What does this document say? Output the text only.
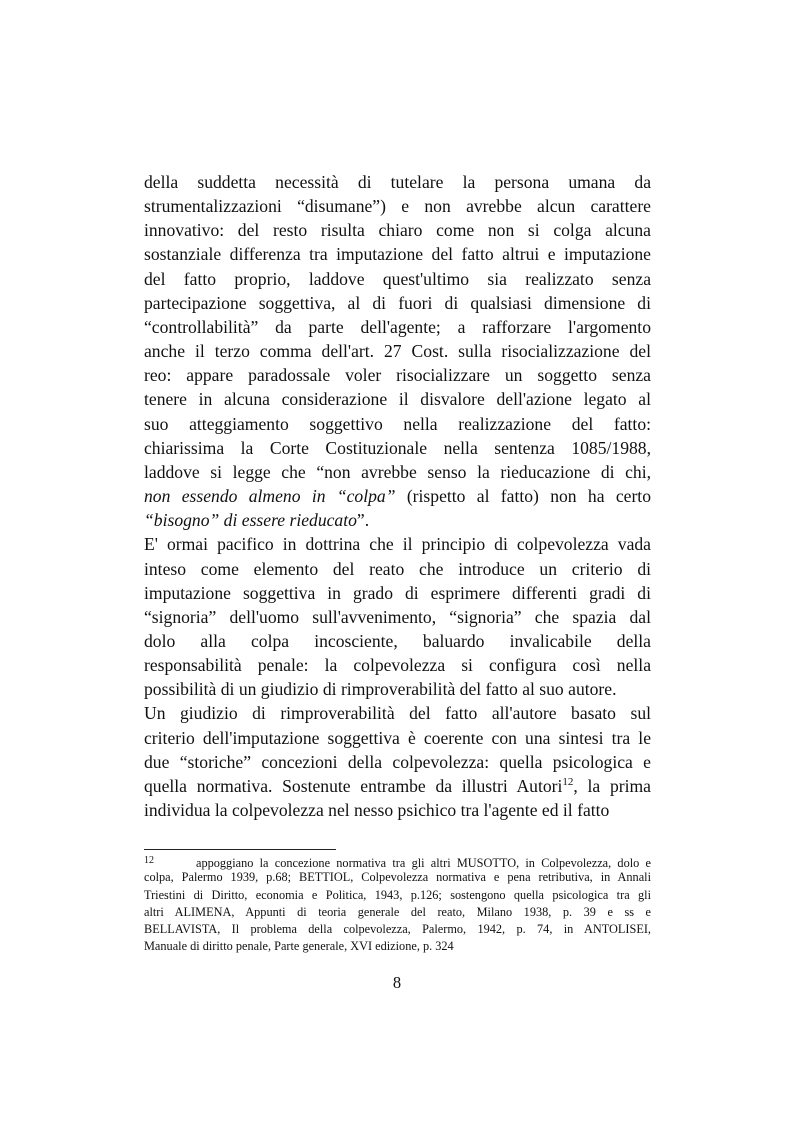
della suddetta necessità di tutelare la persona umana da
strumentalizzazioni “disumane”) e non avrebbe alcun carattere
innovativo: del resto risulta chiaro come non si colga alcuna
sostanziale differenza tra imputazione del fatto altrui e imputazione
del fatto proprio, laddove quest'ultimo sia realizzato senza
partecipazione soggettiva, al di fuori di qualsiasi dimensione di
“controllabilità” da parte dell'agente; a rafforzare l'argomento
anche il terzo comma dell'art. 27 Cost. sulla risocializzazione del
reo: appare paradossale voler risocializzare un soggetto senza
tenere in alcuna considerazione il disvalore dell'azione legato al
suo atteggiamento soggettivo nella realizzazione del fatto:
chiarissima la Corte Costituzionale nella sentenza 1085/1988,
laddove si legge che “non avrebbe senso la rieducazione di chi,
non essendo almeno in “colpa” (rispetto al fatto) non ha certo
“bisogno” di essere rieducato”.
E' ormai pacifico in dottrina che il principio di colpevolezza vada
inteso come elemento del reato che introduce un criterio di
imputazione soggettiva in grado di esprimere differenti gradi di
“signoria” dell'uomo sull'avvenimento, “signoria” che spazia dal
dolo alla colpa incosciente, baluardo invalicabile della
responsabilità penale: la colpevolezza si configura così nella
possibilità di un giudizio di rimproverabilità del fatto al suo autore.
Un giudizio di rimproverabilità del fatto all'autore basato sul
criterio dell'imputazione soggettiva è coerente con una sintesi tra le
due “storiche” concezioni della colpevolezza: quella psicologica e
quella normativa. Sostenute entrambe da illustri Autori$^{12}$, la prima
individua la colpevolezza nel nesso psichico tra l'agente ed il fatto
12	appoggiano la concezione normativa tra gli altri MUSOTTO, in Colpevolezza, dolo e
colpa, Palermo 1939, p.68; BETTIOL, Colpevolezza normativa e pena retributiva, in Annali
Triestini di Diritto, economia e Politica, 1943, p.126; sostengono quella psicologica tra gli
altri ALIMENA, Appunti di teoria generale del reato, Milano 1938, p. 39 e ss e
BELLAVISTA, Il problema della colpevolezza, Palermo, 1942, p. 74, in ANTOLISEI,
Manuale di diritto penale, Parte generale, XVI edizione, p. 324
8
